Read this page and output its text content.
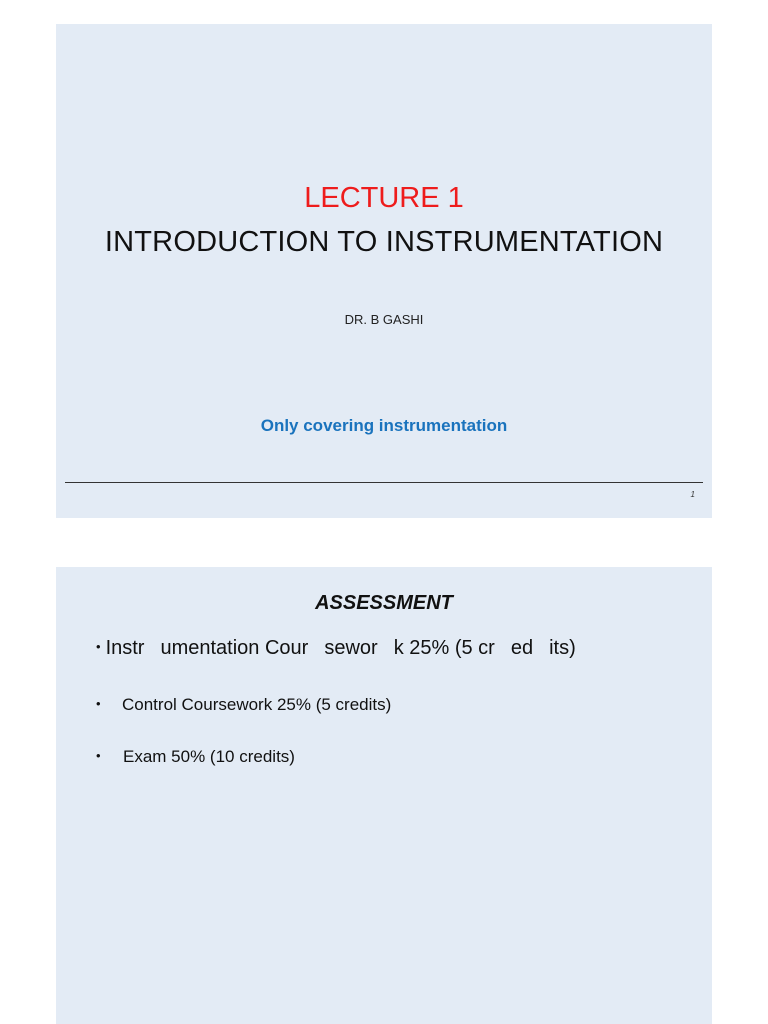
LECTURE 1
INTRODUCTION TO INSTRUMENTATION
DR. B GASHI
Only covering instrumentation
1
ASSESSMENT
• Instr umentation Cour sewor k 25% (5 cr ed its)
• Control Coursework 25% (5 credits)
• Exam 50% (10 credits)
